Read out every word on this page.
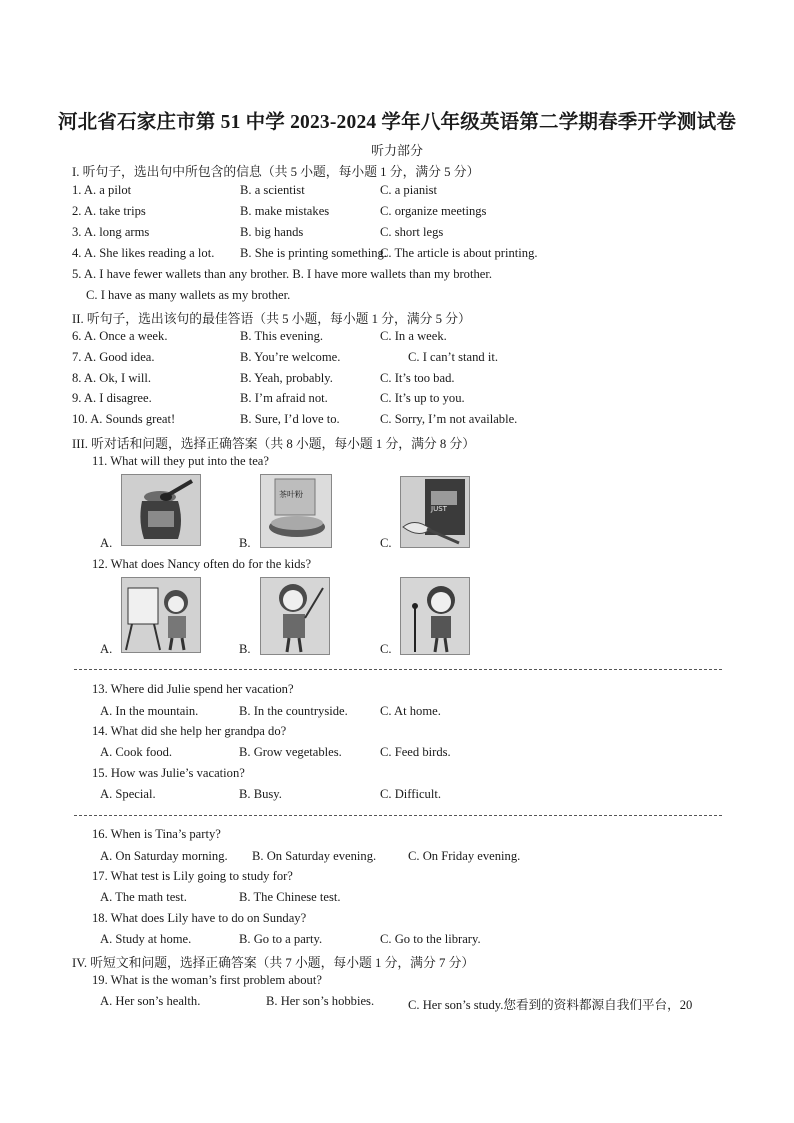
河北省石家庄市第 51 中学 2023-2024 学年八年级英语第二学期春季开学测试卷
听力部分
I. 听句子，选出句中所包含的信息（共 5 小题，每小题 1 分，满分 5 分）
1. A. a pilot	B. a scientist	C. a pianist
2. A. take trips	B. make mistakes	C. organize meetings
3. A. long arms	B. big hands	C. short legs
4. A. She likes reading a lot. B. She is printing something.
C. The article is about printing.
5. A. I have fewer wallets than any brother. B. I have more wallets than my brother.
C. I have as many wallets as my brother.
II. 听句子，选出该句的最佳答语（共 5 小题，每小题 1 分，满分 5 分）
6. A. Once a week.	B. This evening.	C. In a week.
7. A. Good idea.	B. You’re welcome.	C. I can’t stand it.
8. A. Ok, I will.	B. Yeah, probably.	C. It’s too bad.
9. A. I disagree.	B. I’m afraid not.	C. It’s up to you.
10. A. Sounds great!	B. Sure, I’d love to.	C. Sorry, I’m not available.
III. 听对话和问题，选择正确答案（共 8 小题，每小题 1 分，满分 8 分）
11. What will they put into the tea?
A.	B.
茶叶粉
C.
JUST
12. What does Nancy often do for the kids?
A.	B.	C.
13. Where did Julie spend her vacation?
A. In the mountain.	B. In the countryside.	C. At home.
14. What did she help her grandpa do?
A. Cook food.	B. Grow vegetables.	C. Feed birds.
15. How was Julie’s vacation?
A. Special.	B. Busy.	C. Difficult.
16. When is Tina’s party?
A. On Saturday morning. B. On Saturday evening.	C. On Friday evening.
17. What test is Lily going to study for?
A. The math test.	B. The Chinese test.
18. What does Lily have to do on Sunday?
A. Study at home.	B. Go to a party.	C. Go to the library.
IV. 听短文和问题，选择正确答案（共 7 小题，每小题 1 分，满分 7 分）
19. What is the woman’s first problem about?
A. Her son’s health.	B. Her son’s hobbies.	C. Her son’s study.您看到的资料都源自我们平台，20
